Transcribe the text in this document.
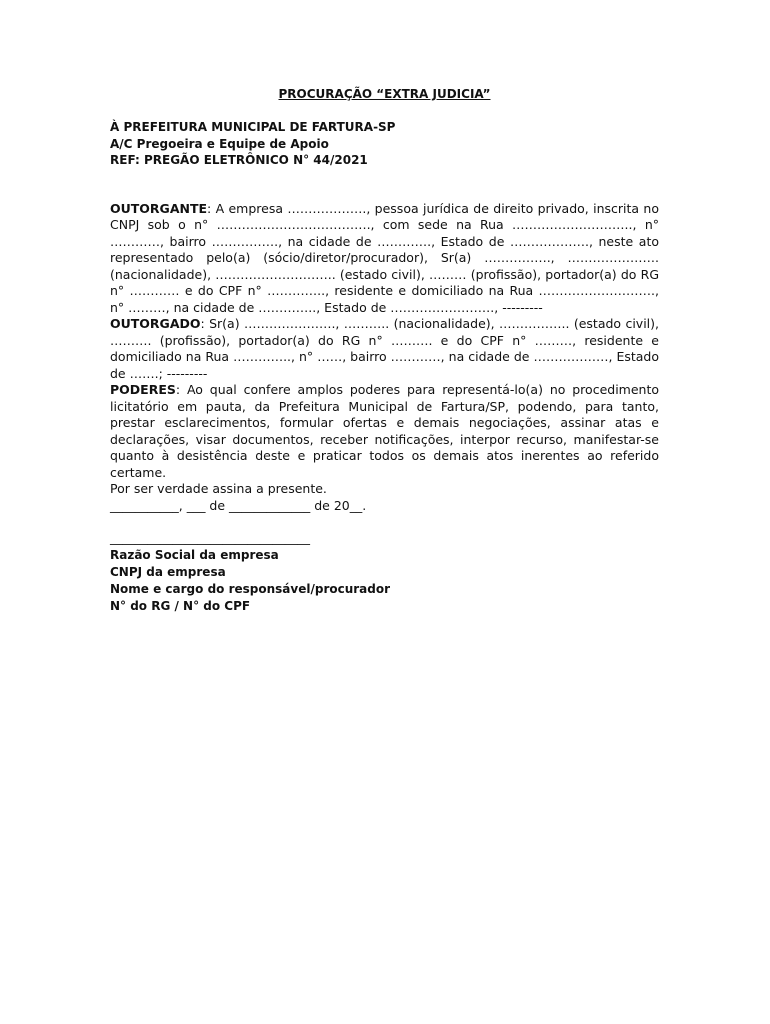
PROCURAÇÃO “EXTRA JUDICIA”
À PREFEITURA MUNICIPAL DE FARTURA-SP
A/C Pregoeira e Equipe de Apoio
REF: PREGÃO ELETRÔNICO N° 44/2021

OUTORGANTE: A empresa ………………., pessoa jurídica de direito privado, inscrita no CNPJ sob o n° ………………………………., com sede na Rua ……………………….., n° …………, bairro ……………., na cidade de …………., Estado de ………………., neste ato representado pelo(a) (sócio/diretor/procurador), Sr(a) ……………., …………………. (nacionalidade), ……………………….. (estado civil), ……… (profissão), portador(a) do RG n° ………… e do CPF n° ………….., residente e domiciliado na Rua ………………………., n° ………, na cidade de ………….., Estado de ……………………., ---------

OUTORGADO: Sr(a) …………………., ……….. (nacionalidade), …………….. (estado civil), ………. (profissão), portador(a) do RG n° ………. e do CPF n° ………, residente e domiciliado na Rua ………….., n° ……, bairro …………, na cidade de ………………, Estado de …….; ---------

PODERES: Ao qual confere amplos poderes para representá-lo(a) no procedimento licitatório em pauta, da Prefeitura Municipal de Fartura/SP, podendo, para tanto, prestar esclarecimentos, formular ofertas e demais negociações, assinar atas e declarações, visar documentos, receber notificações, interpor recurso, manifestar-se quanto à desistência deste e praticar todos os demais atos inerentes ao referido certame.

Por ser verdade assina a presente.
___________, ___ de _____________ de 20__.
________________________________
Razão Social da empresa
CNPJ da empresa
Nome e cargo do responsável/procurador
N° do RG / N° do CPF
